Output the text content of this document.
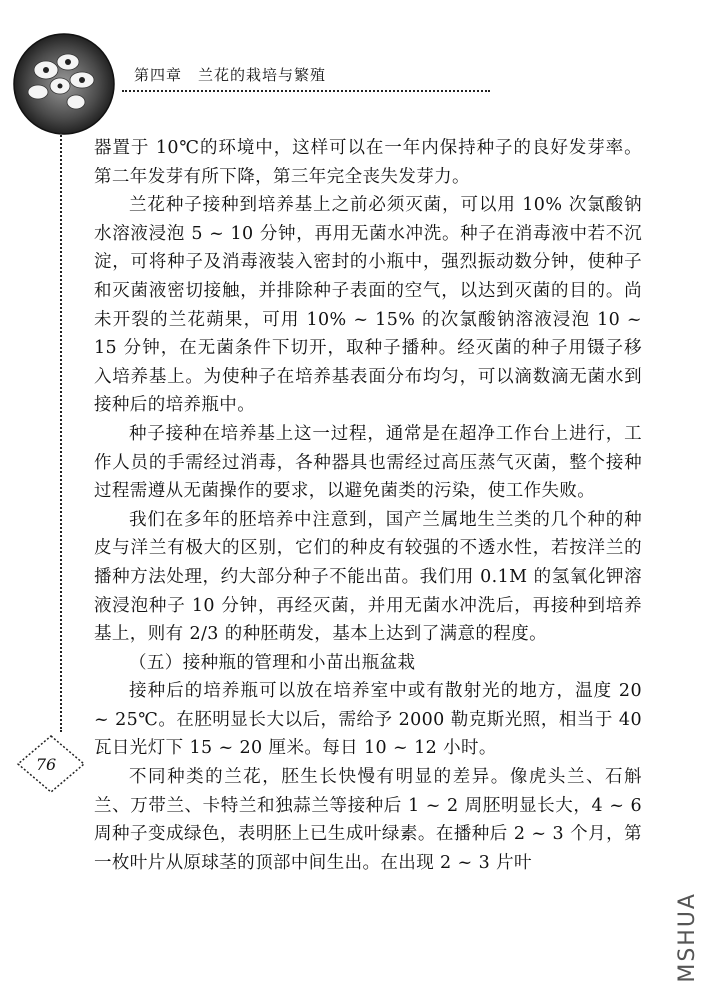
第四章　兰花的栽培与繁殖
76

器置于 10℃的环境中，这样可以在一年内保持种子的良好发芽率。第二年发芽有所下降，第三年完全丧失发芽力。

兰花种子接种到培养基上之前必须灭菌，可以用 10% 次氯酸钠水溶液浸泡 5 ~ 10 分钟，再用无菌水冲洗。种子在消毒液中若不沉淀，可将种子及消毒液装入密封的小瓶中，强烈振动数分钟，使种子和灭菌液密切接触，并排除种子表面的空气，以达到灭菌的目的。尚未开裂的兰花蒴果，可用 10% ~ 15% 的次氯酸钠溶液浸泡 10 ~ 15 分钟，在无菌条件下切开，取种子播种。经灭菌的种子用镊子移入培养基上。为使种子在培养基表面分布均匀，可以滴数滴无菌水到接种后的培养瓶中。

种子接种在培养基上这一过程，通常是在超净工作台上进行，工作人员的手需经过消毒，各种器具也需经过高压蒸气灭菌，整个接种过程需遵从无菌操作的要求，以避免菌类的污染，使工作失败。

我们在多年的胚培养中注意到，国产兰属地生兰类的几个种的种皮与洋兰有极大的区别，它们的种皮有较强的不透水性，若按洋兰的播种方法处理，约大部分种子不能出苗。我们用 0.1M 的氢氧化钾溶液浸泡种子 10 分钟，再经灭菌，并用无菌水冲洗后，再接种到培养基上，则有 2/3 的种胚萌发，基本上达到了满意的程度。

（五）接种瓶的管理和小苗出瓶盆栽

接种后的培养瓶可以放在培养室中或有散射光的地方，温度 20 ~ 25℃。在胚明显长大以后，需给予 2000 勒克斯光照，相当于 40 瓦日光灯下 15 ~ 20 厘米。每日 10 ~ 12 小时。

不同种类的兰花，胚生长快慢有明显的差异。像虎头兰、石斛兰、万带兰、卡特兰和独蒜兰等接种后 1 ~ 2 周胚明显长大，4 ~ 6 周种子变成绿色，表明胚上已生成叶绿素。在播种后 2 ~ 3 个月，第一枚叶片从原球茎的顶部中间生出。在出现 2 ~ 3 片叶

MSHUA
